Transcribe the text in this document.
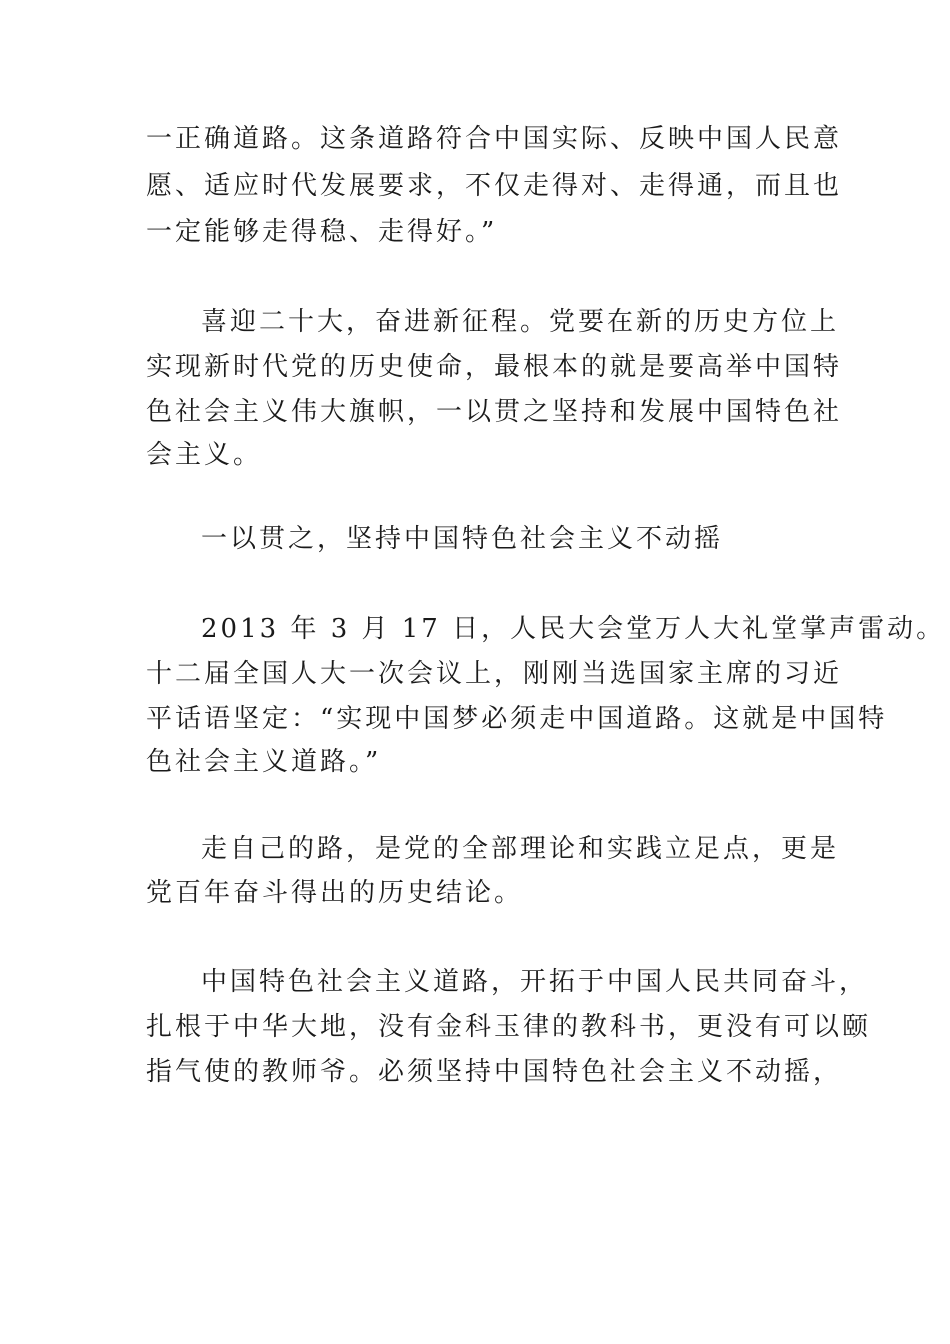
一正确道路。这条道路符合中国实际、反映中国人民意
愿、适应时代发展要求，不仅走得对、走得通，而且也
一定能够走得稳、走得好。”
喜迎二十大，奋进新征程。党要在新的历史方位上
实现新时代党的历史使命，最根本的就是要高举中国特
色社会主义伟大旗帜，一以贯之坚持和发展中国特色社
会主义。
一以贯之，坚持中国特色社会主义不动摇
2013 年 3 月 17 日，人民大会堂万人大礼堂掌声雷动。
十二届全国人大一次会议上，刚刚当选国家主席的习近
平话语坚定：“实现中国梦必须走中国道路。这就是中国特
色社会主义道路。”
走自己的路，是党的全部理论和实践立足点，更是
党百年奋斗得出的历史结论。
中国特色社会主义道路，开拓于中国人民共同奋斗，
扎根于中华大地，没有金科玉律的教科书，更没有可以颐
指气使的教师爷。必须坚持中国特色社会主义不动摇，
